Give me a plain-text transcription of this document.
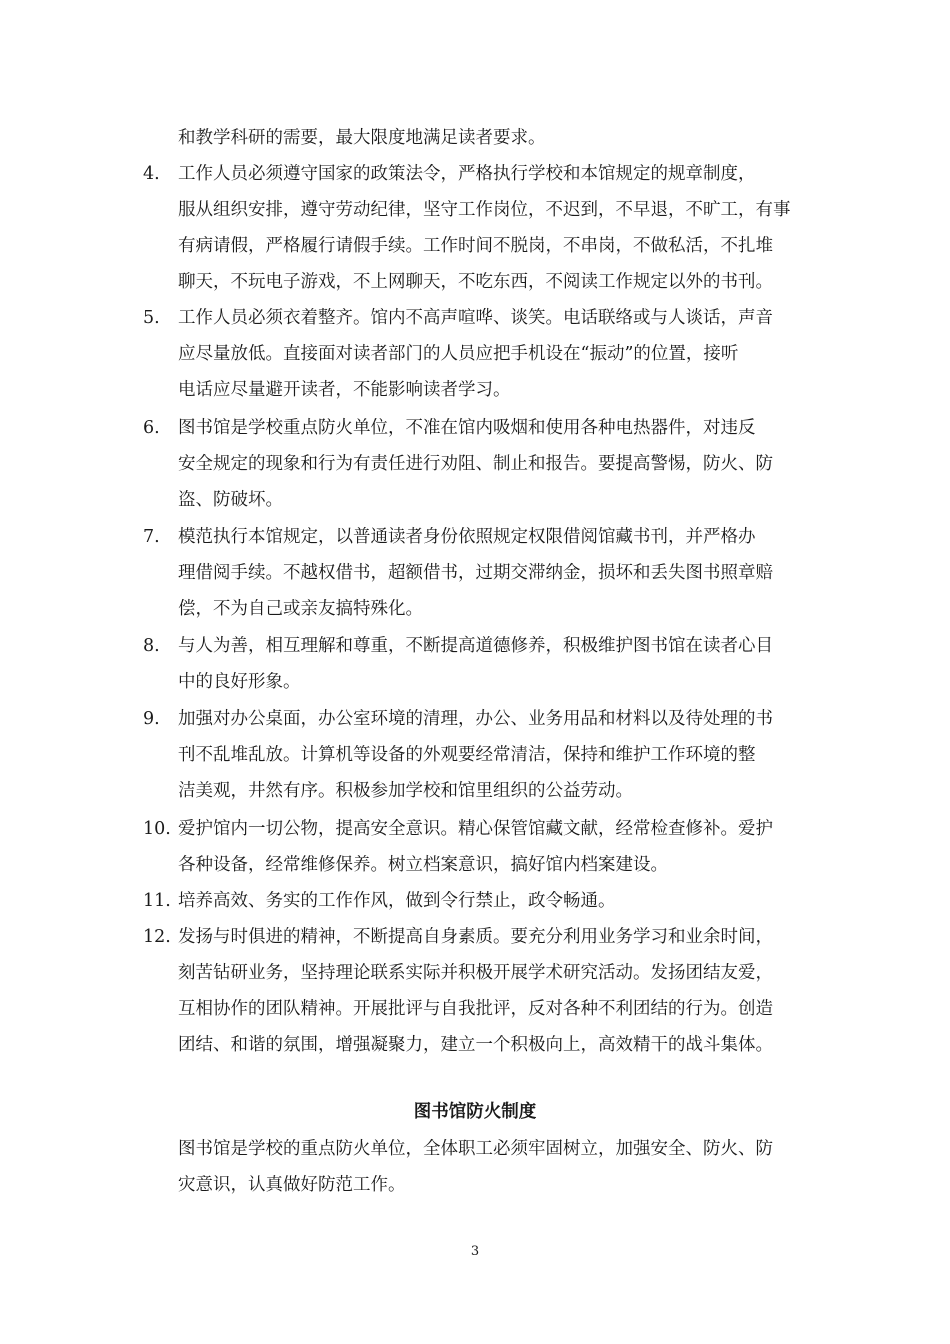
和教学科研的需要，最大限度地满足读者要求。
4. 工作人员必须遵守国家的政策法令，严格执行学校和本馆规定的规章制度，
服从组织安排，遵守劳动纪律，坚守工作岗位，不迟到，不早退，不旷工，有事
有病请假，严格履行请假手续。工作时间不脱岗，不串岗，不做私活，不扎堆
聊天，不玩电子游戏，不上网聊天，不吃东西，不阅读工作规定以外的书刊。
5. 工作人员必须衣着整齐。馆内不高声喧哗、谈笑。电话联络或与人谈话，声音
应尽量放低。直接面对读者部门的人员应把手机设在“振动”的位置，接听
电话应尽量避开读者，不能影响读者学习。
6. 图书馆是学校重点防火单位，不准在馆内吸烟和使用各种电热器件，对违反
安全规定的现象和行为有责任进行劝阻、制止和报告。要提高警惕，防火、防
盗、防破坏。
7. 模范执行本馆规定，以普通读者身份依照规定权限借阅馆藏书刊，并严格办
理借阅手续。不越权借书，超额借书，过期交滞纳金，损坏和丢失图书照章赔
偿，不为自己或亲友搞特殊化。
8. 与人为善，相互理解和尊重，不断提高道德修养，积极维护图书馆在读者心目
中的良好形象。
9. 加强对办公桌面，办公室环境的清理，办公、业务用品和材料以及待处理的书
刊不乱堆乱放。计算机等设备的外观要经常清洁，保持和维护工作环境的整
洁美观，井然有序。积极参加学校和馆里组织的公益劳动。
10. 爱护馆内一切公物，提高安全意识。精心保管馆藏文献，经常检查修补。爱护
各种设备，经常维修保养。树立档案意识，搞好馆内档案建设。
11. 培养高效、务实的工作作风，做到令行禁止，政令畅通。
12. 发扬与时俱进的精神，不断提高自身素质。要充分利用业务学习和业余时间，
刻苦钻研业务，坚持理论联系实际并积极开展学术研究活动。发扬团结友爱，
互相协作的团队精神。开展批评与自我批评，反对各种不利团结的行为。创造
团结、和谐的氛围，增强凝聚力，建立一个积极向上，高效精干的战斗集体。
图书馆防火制度
图书馆是学校的重点防火单位，全体职工必须牢固树立，加强安全、防火、防
灾意识，认真做好防范工作。
3
